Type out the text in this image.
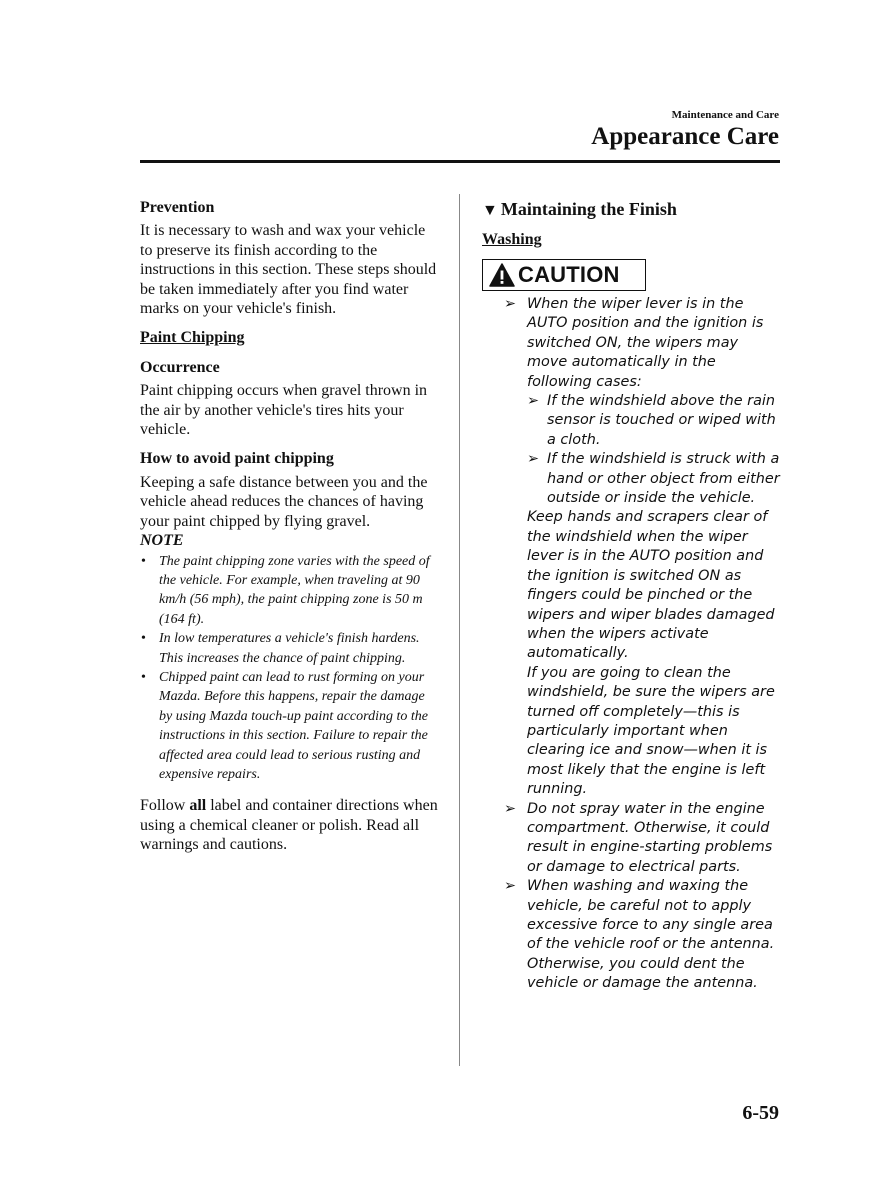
Maintenance and Care
Appearance Care

Prevention

It is necessary to wash and wax your vehicle to preserve its finish according to the instructions in this section. These steps should be taken immediately after you find water marks on your vehicle's finish.

Paint Chipping

Occurrence

Paint chipping occurs when gravel thrown in the air by another vehicle's tires hits your vehicle.

How to avoid paint chipping

Keeping a safe distance between you and the vehicle ahead reduces the chances of having your paint chipped by flying gravel.

NOTE

• The paint chipping zone varies with the speed of the vehicle. For example, when traveling at 90 km/h (56 mph), the paint chipping zone is 50 m (164 ft).
• In low temperatures a vehicle's finish hardens. This increases the chance of paint chipping.
• Chipped paint can lead to rust forming on your Mazda. Before this happens, repair the damage by using Mazda touch-up paint according to the instructions in this section. Failure to repair the affected area could lead to serious rusting and expensive repairs.

Follow all label and container directions when using a chemical cleaner or polish. Read all warnings and cautions.

▼ Maintaining the Finish

Washing

CAUTION
➢ When the wiper lever is in the AUTO position and the ignition is switched ON, the wipers may move automatically in the following cases:
➢ If the windshield above the rain sensor is touched or wiped with a cloth.
➢ If the windshield is struck with a hand or other object from either outside or inside the vehicle.
Keep hands and scrapers clear of the windshield when the wiper lever is in the AUTO position and the ignition is switched ON as fingers could be pinched or the wipers and wiper blades damaged when the wipers activate automatically.
If you are going to clean the windshield, be sure the wipers are turned off completely—this is particularly important when clearing ice and snow—when it is most likely that the engine is left running.
➢ Do not spray water in the engine compartment. Otherwise, it could result in engine-starting problems or damage to electrical parts.
➢ When washing and waxing the vehicle, be careful not to apply excessive force to any single area of the vehicle roof or the antenna. Otherwise, you could dent the vehicle or damage the antenna.
6-59
